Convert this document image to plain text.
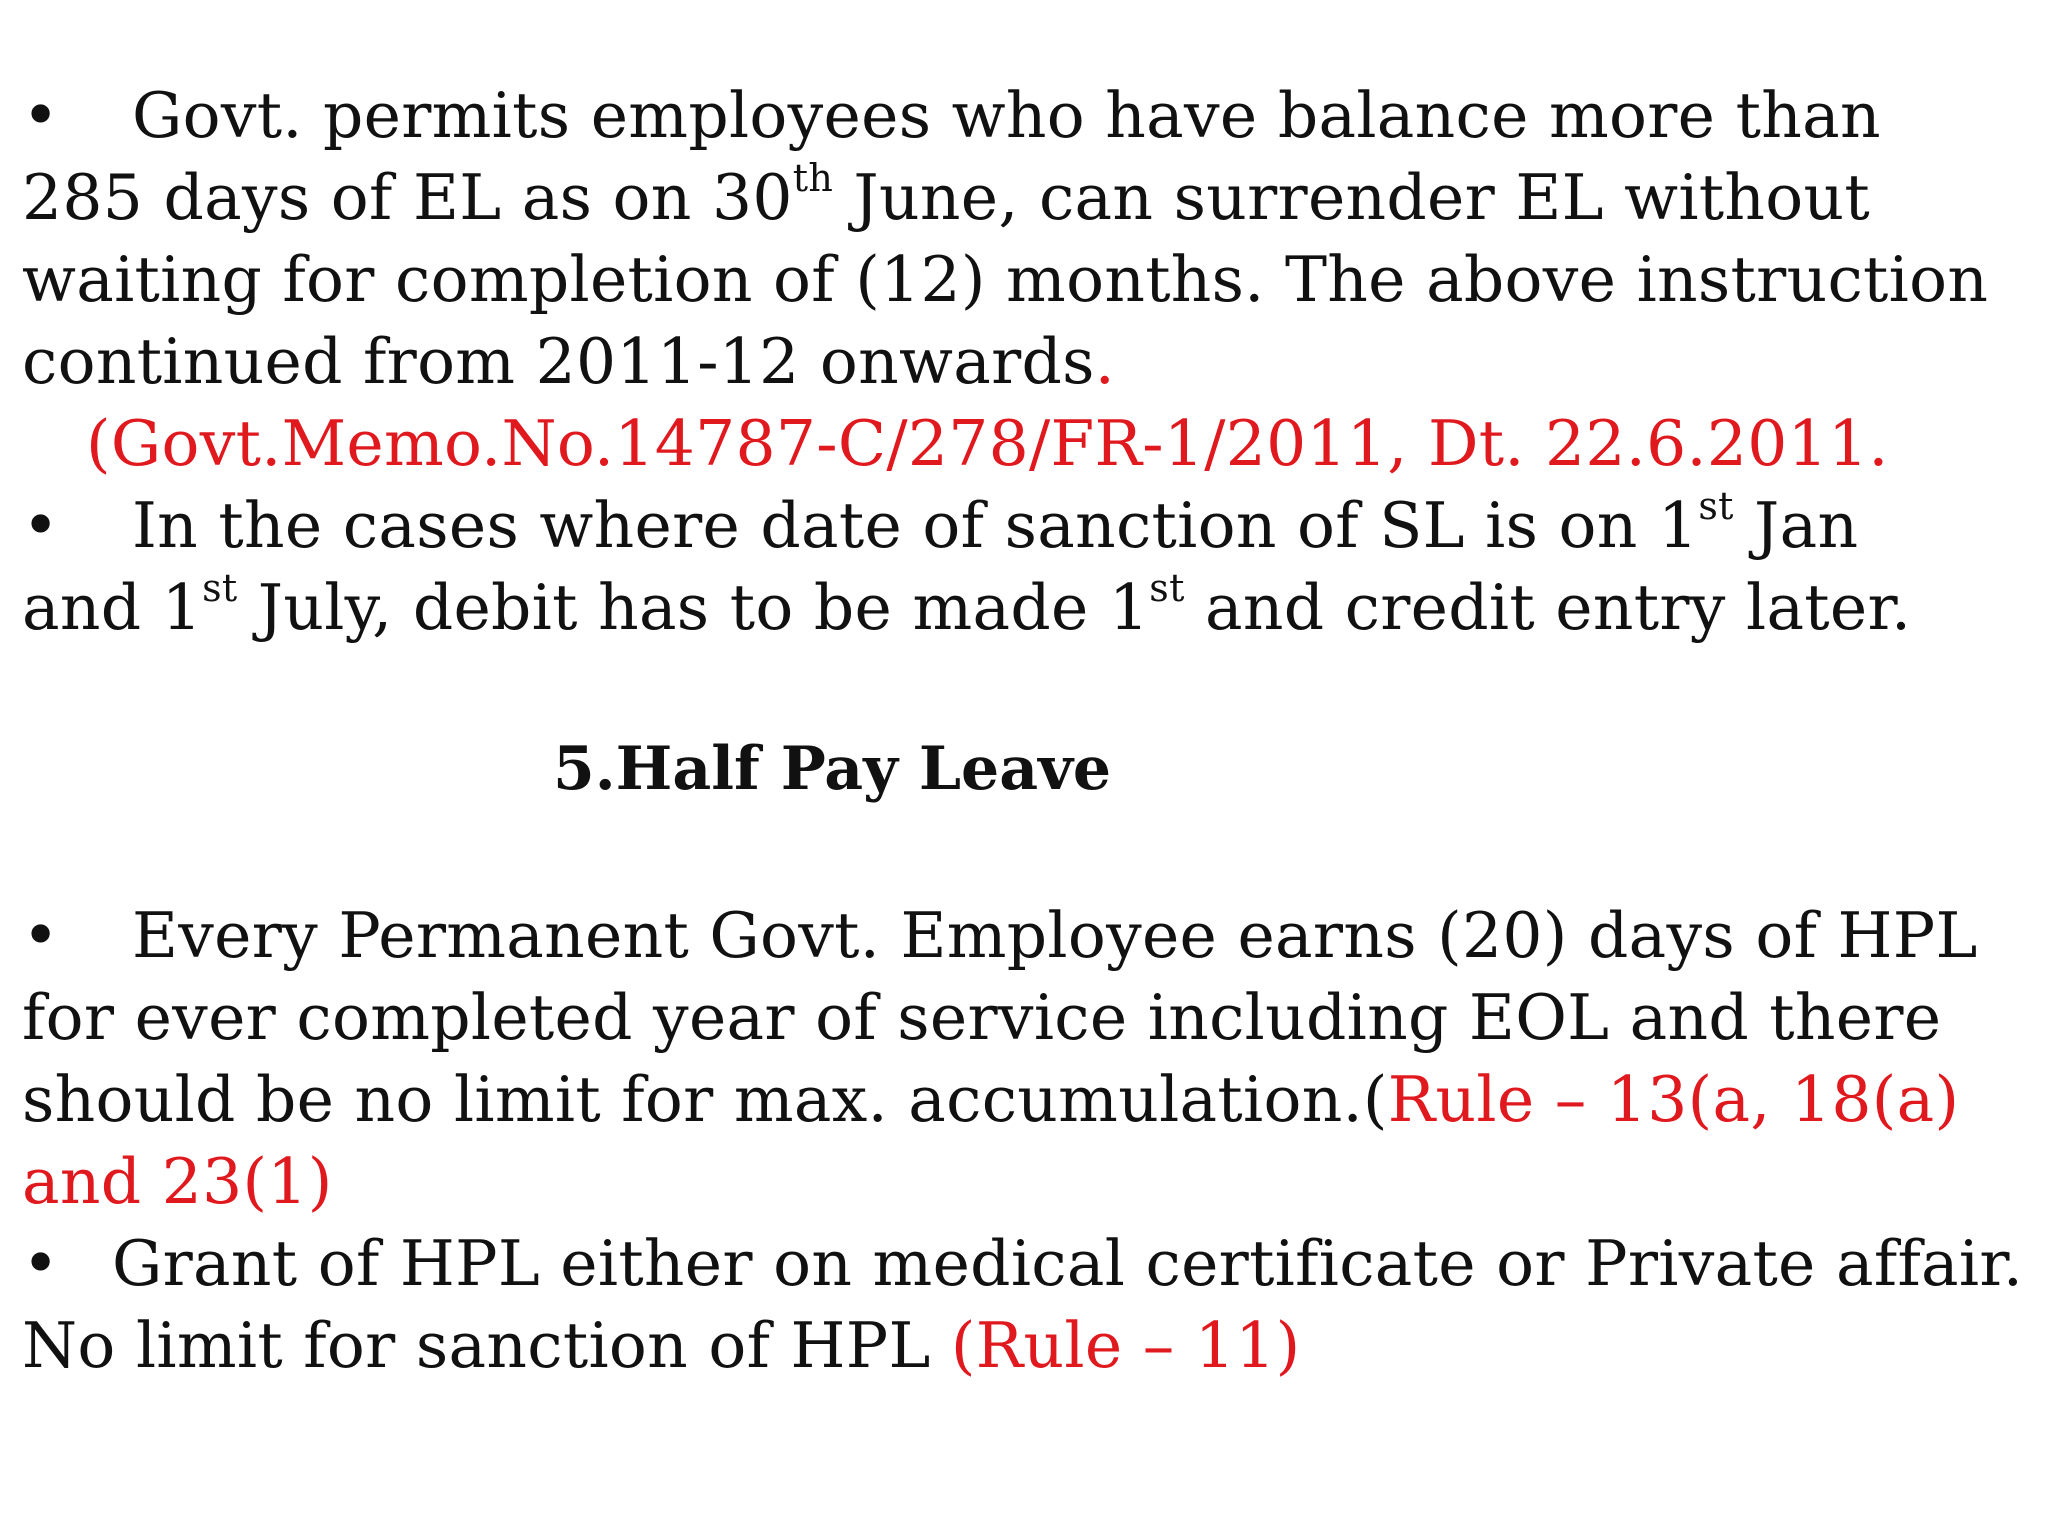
• Govt. permits employees who have balance more than
285 days of EL as on 30th June, can surrender EL without
waiting for completion of (12) months. The above instruction
continued from 2011-12 onwards.
(Govt.Memo.No.14787-C/278/FR-1/2011, Dt. 22.6.2011.
• In the cases where date of sanction of SL is on 1st Jan
and 1st July, debit has to be made 1st and credit entry later.
5.Half Pay Leave
• Every Permanent Govt. Employee earns (20) days of HPL
for ever completed year of service including EOL and there
should be no limit for max. accumulation.(Rule – 13(a, 18(a)
and 23(1)
• Grant of HPL either on medical certificate or Private affair.
No limit for sanction of HPL (Rule – 11)
